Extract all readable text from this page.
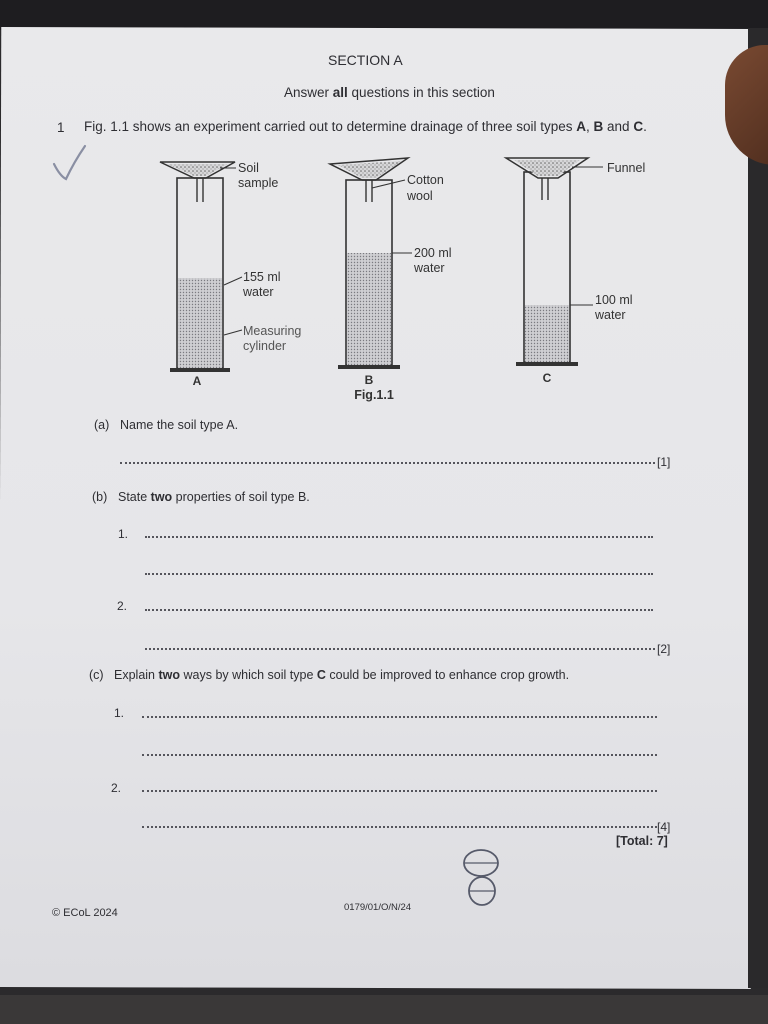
SECTION A
Answer all questions in this section
1 Fig. 1.1 shows an experiment carried out to determine drainage of three soil types A, B and C.
Soil
sample
155 ml
water
Measuring
cylinder
Cotton
wool
200 ml
water
Funnel
100 ml
water
A	B	C
Fig.1.1
(a) Name the soil type A.
[1]
(b) State two properties of soil type B.
1.
2.
[2]
(c) Explain two ways by which soil type C could be improved to enhance crop growth.
1.
2.
[4]
[Total: 7]
© ECoL 2024	0179/01/O/N/24
